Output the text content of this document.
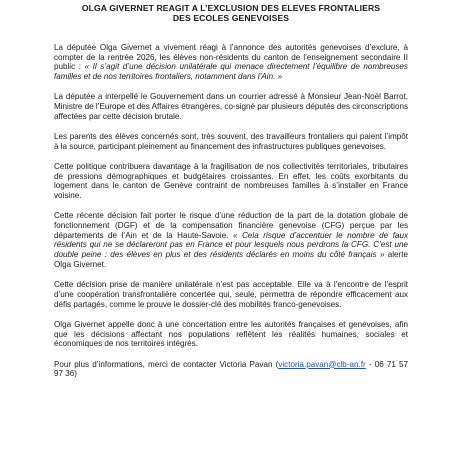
OLGA GIVERNET REAGIT A L’EXCLUSION DES ELEVES FRONTALIERS
DES ECOLES GENEVOISES

La députée Olga Givernet a vivement réagi à l’annonce des autorités genevoises d’exclure, à compter de la rentrée 2026, les élèves non-résidents du canton de l’enseignement secondaire II public : « Il s’agit d’une décision unilatérale qui menace directement l’équilibre de nombreuses familles et de nos territoires frontaliers, notamment dans l’Ain. »

La députée a interpellé le Gouvernement dans un courrier adressé à Monsieur Jean-Noël Barrot, Ministre de l’Europe et des Affaires étrangères, co-signé par plusieurs députés des circonscriptions affectées par cette décision brutale.

Les parents des élèves concernés sont, très souvent, des travailleurs frontaliers qui paient l’impôt à la source, participant pleinement au financement des infrastructures publiques genevoises.

Cette politique contribuera davantage à la fragilisation de nos collectivités territoriales, tributaires de pressions démographiques et budgétaires croissantes. En effet, les coûts exorbitants du logement dans le canton de Genève contraint de nombreuses familles à s’installer en France voisine.

Cette récente décision fait porter le risque d’une réduction de la part de la dotation globale de fonctionnement (DGF) et de la compensation financière genevoise (CFG) perçue par les départements de l’Ain et de la Haute-Savoie. « Cela risque d’accentuer le nombre de faux résidents qui ne se déclareront pas en France et pour lesquels nous perdrons la CFG. C’est une double peine : des élèves en plus et des résidents déclarés en moins du côté français » alerte Olga Givernet.

Cette décision prise de manière unilatérale n’est pas acceptable. Elle va à l’encontre de l’esprit d’une coopération transfrontalière concertée qui, seule, permettra de répondre efficacement aux défis partagés, comme le prouve le dossier-clé des mobilités franco-genevoises.

Olga Givernet appelle donc à une concertation entre les autorités françaises et genevoises, afin que les décisions affectant nos populations reflètent les réalités humaines, sociales et économiques de nos territoires intégrés.

Pour plus d’informations, merci de contacter Victoria Pavan (victoria.pavan@clb-an.fr - 06 71 57 97 36)
